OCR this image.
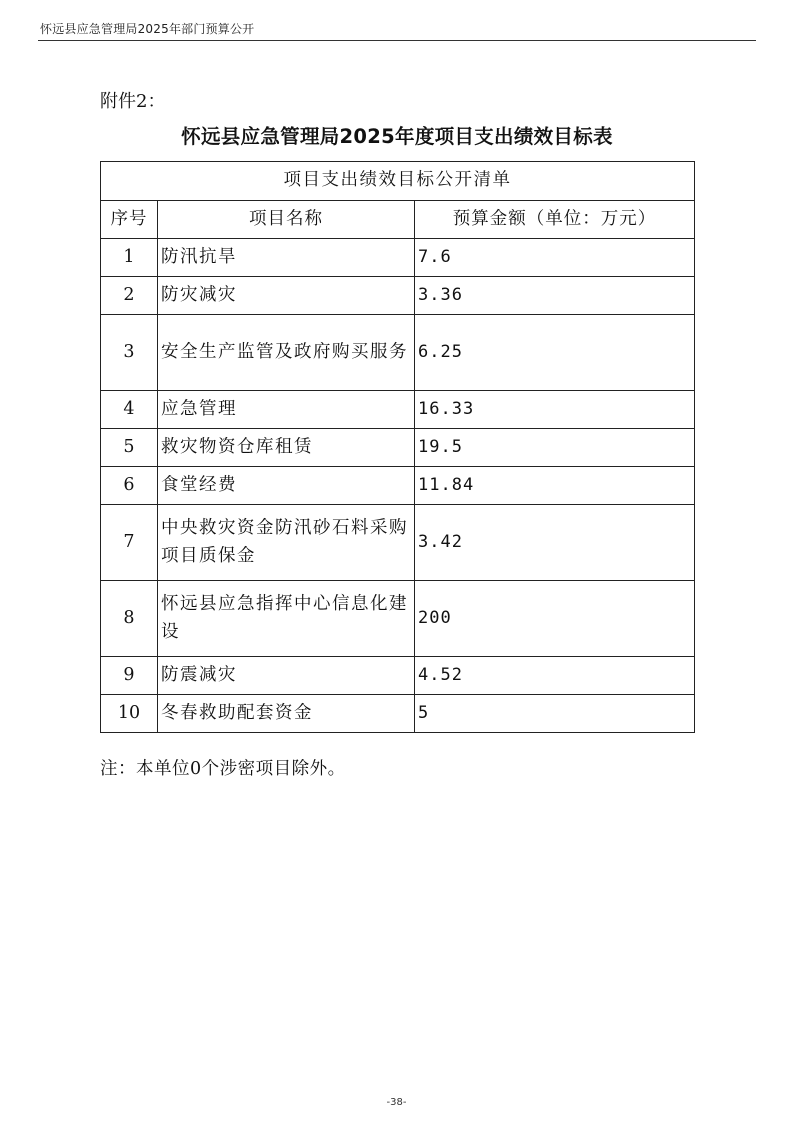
怀远县应急管理局2025年部门预算公开
附件2：
怀远县应急管理局2025年度项目支出绩效目标表
项目支出绩效目标公开清单		
序号	项目名称	预算金额（单位：万元）
1	防汛抗旱	7.6
2	防灾减灾	3.36
3	安全生产监管及政府购买服务	6.25
4	应急管理	16.33
5	救灾物资仓库租赁	19.5
6	食堂经费	11.84
7	中央救灾资金防汛砂石料采购项目质保金	3.42
8	怀远县应急指挥中心信息化建设	200
9	防震减灾	4.52
10	冬春救助配套资金	5
注：本单位0个涉密项目除外。
-38-
